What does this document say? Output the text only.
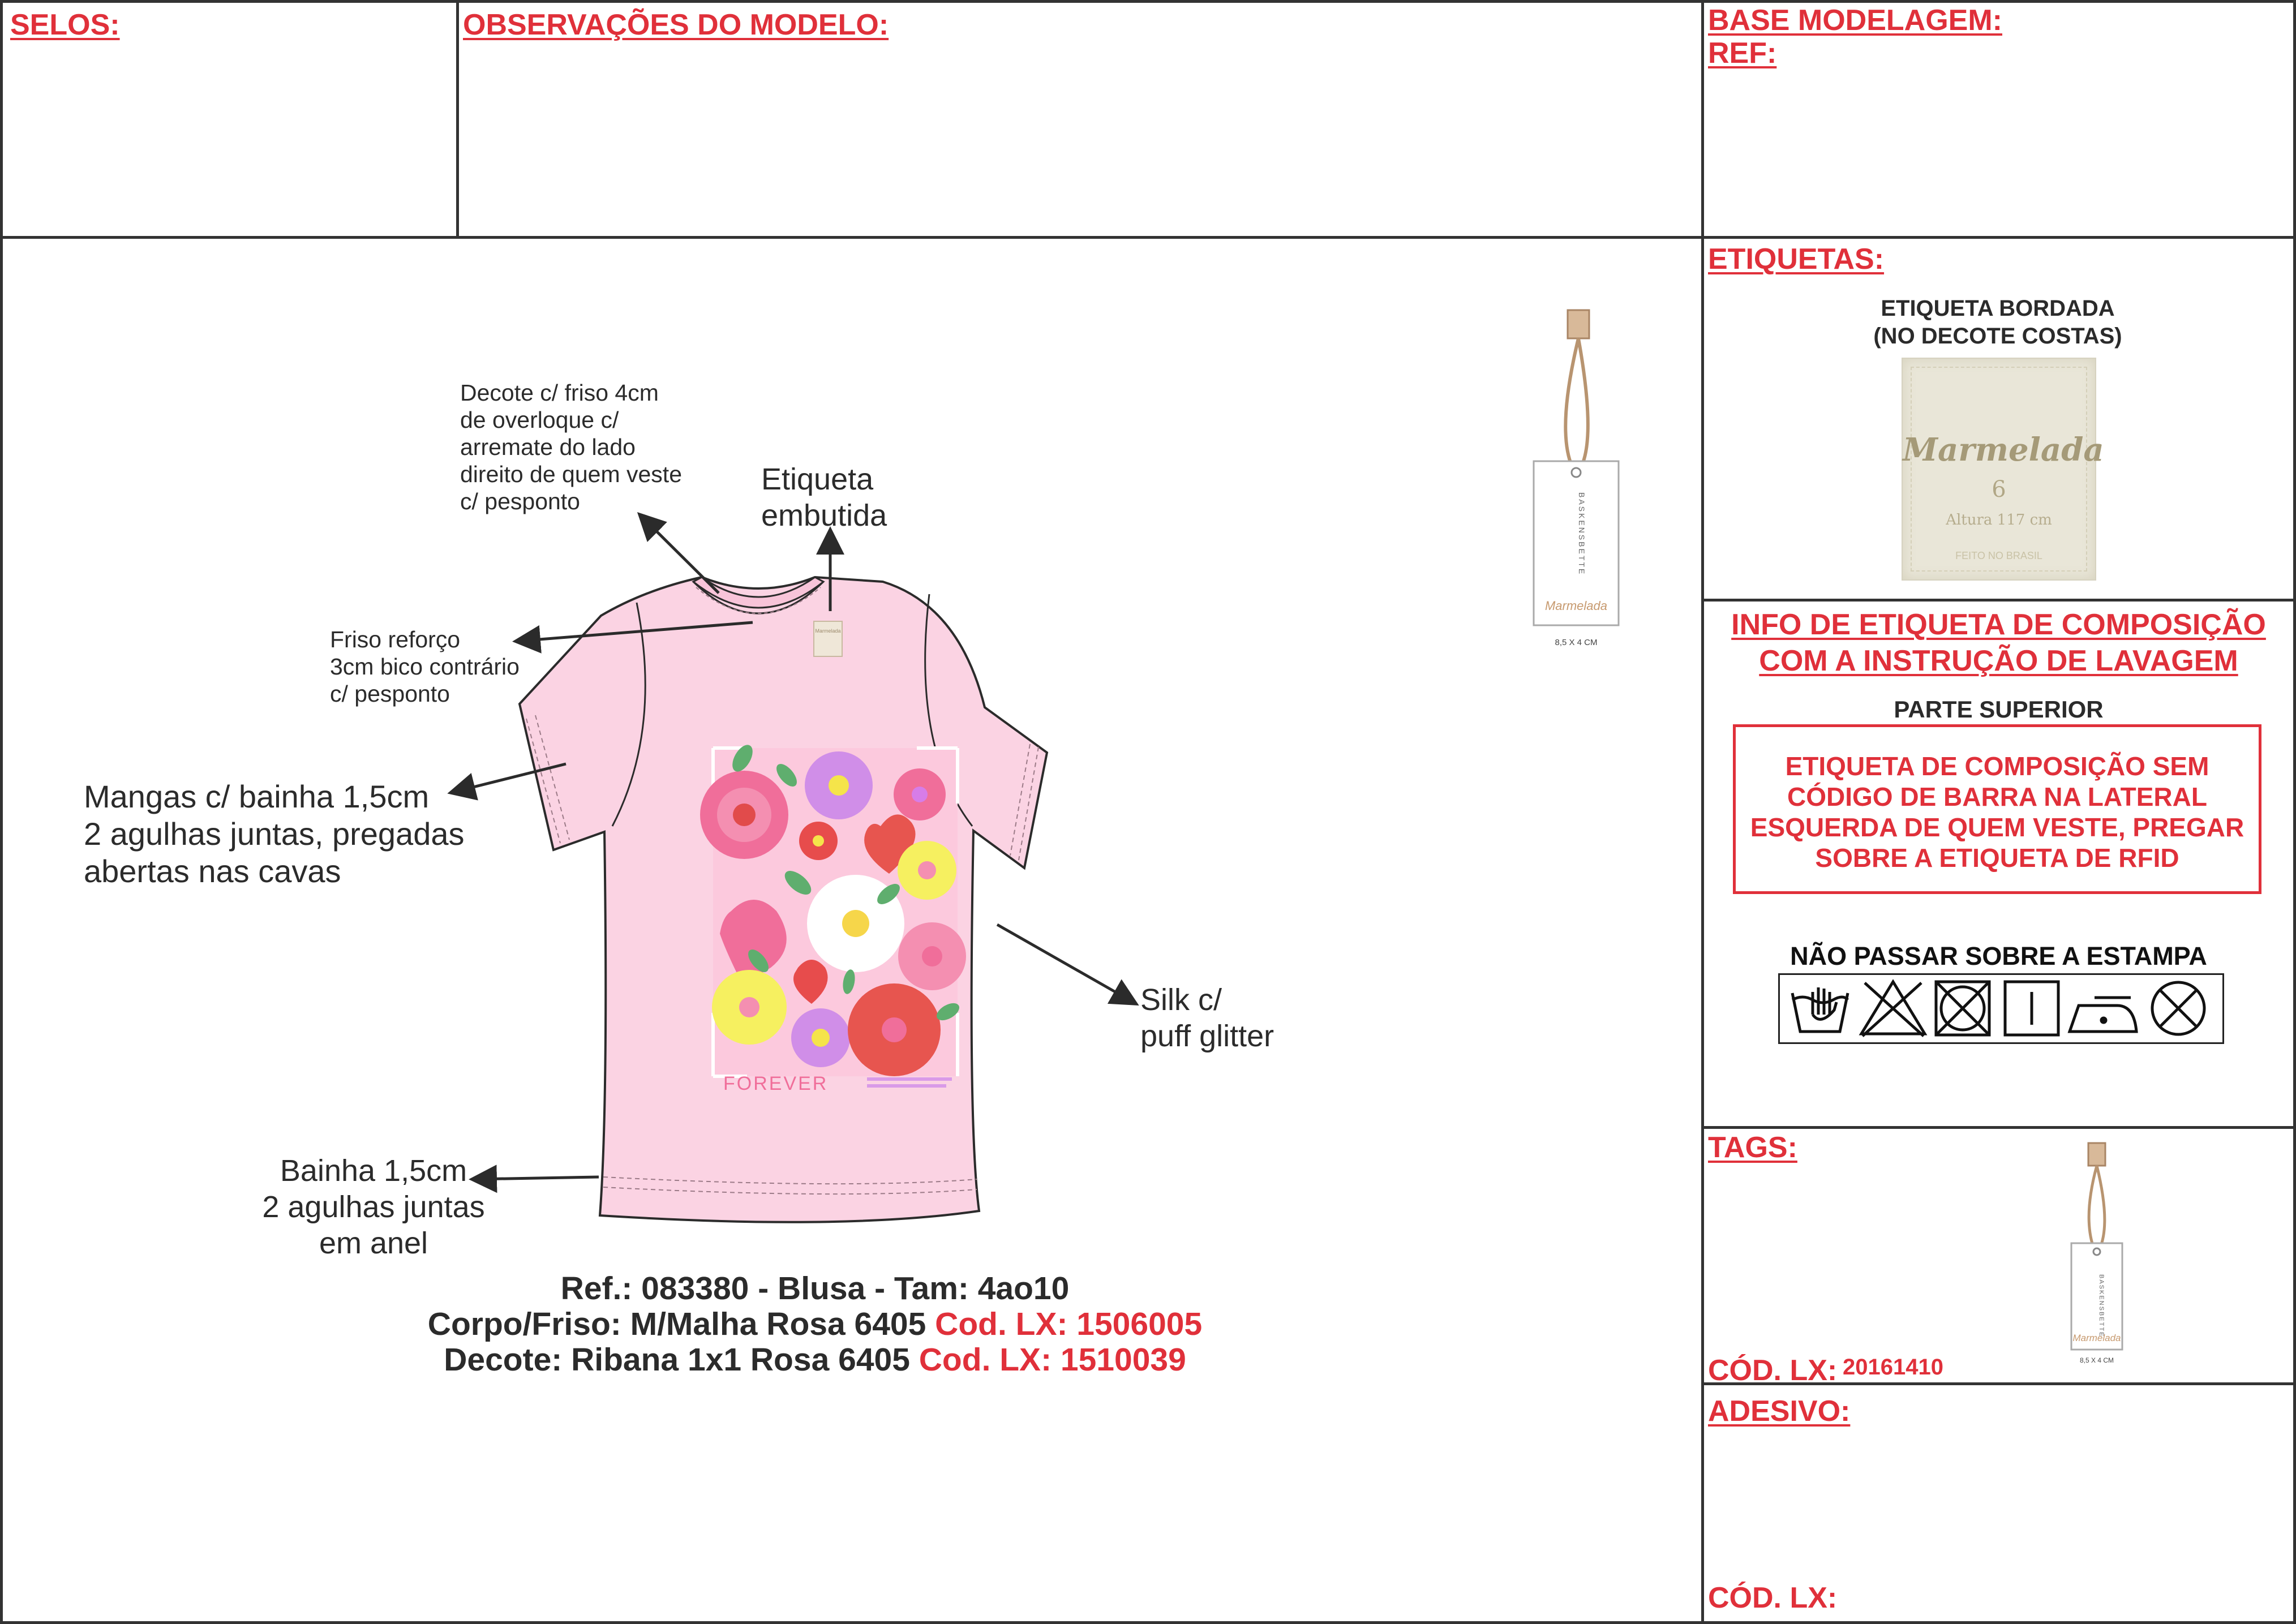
SELOS:	OBSERVAÇÕES DO MODELO:	BASE MODELAGEM:
REF:
ETIQUETAS:
ETIQUETA BORDADA
(NO DECOTE COSTAS)
Marmelada
6
Altura 117 cm
FEITO NO BRASIL
INFO DE ETIQUETA DE COMPOSIÇÃO
COM A INSTRUÇÃO DE LAVAGEM
PARTE SUPERIOR
ETIQUETA DE COMPOSIÇÃO SEM
CÓDIGO DE BARRA NA LATERAL
ESQUERDA DE QUEM VESTE, PREGAR
SOBRE A ETIQUETA DE RFID
NÃO PASSAR SOBRE A ESTAMPA
TAGS:
CÓD. LX: 20161410
BASKENSBETTE
Marmelada
8,5 X 4 CM
ADESIVO:
CÓD. LX:
BASKENSBETTE
Marmelada
8,5 X 4 CM
Marmelada
FOREVER
Decote c/ friso 4cm
de overloque c/
arremate do lado
direito de quem veste
c/ pesponto
Etiqueta
embutida
Friso reforço
3cm bico contrário
c/ pesponto
Mangas c/ bainha 1,5cm
2 agulhas juntas, pregadas
abertas nas cavas
Silk c/
puff glitter
Bainha 1,5cm
2 agulhas juntas
em anel
Ref.: 083380 - Blusa - Tam: 4ao10
Corpo/Friso: M/Malha Rosa 6405 Cod. LX: 1506005
Decote: Ribana 1x1 Rosa 6405 Cod. LX: 1510039
